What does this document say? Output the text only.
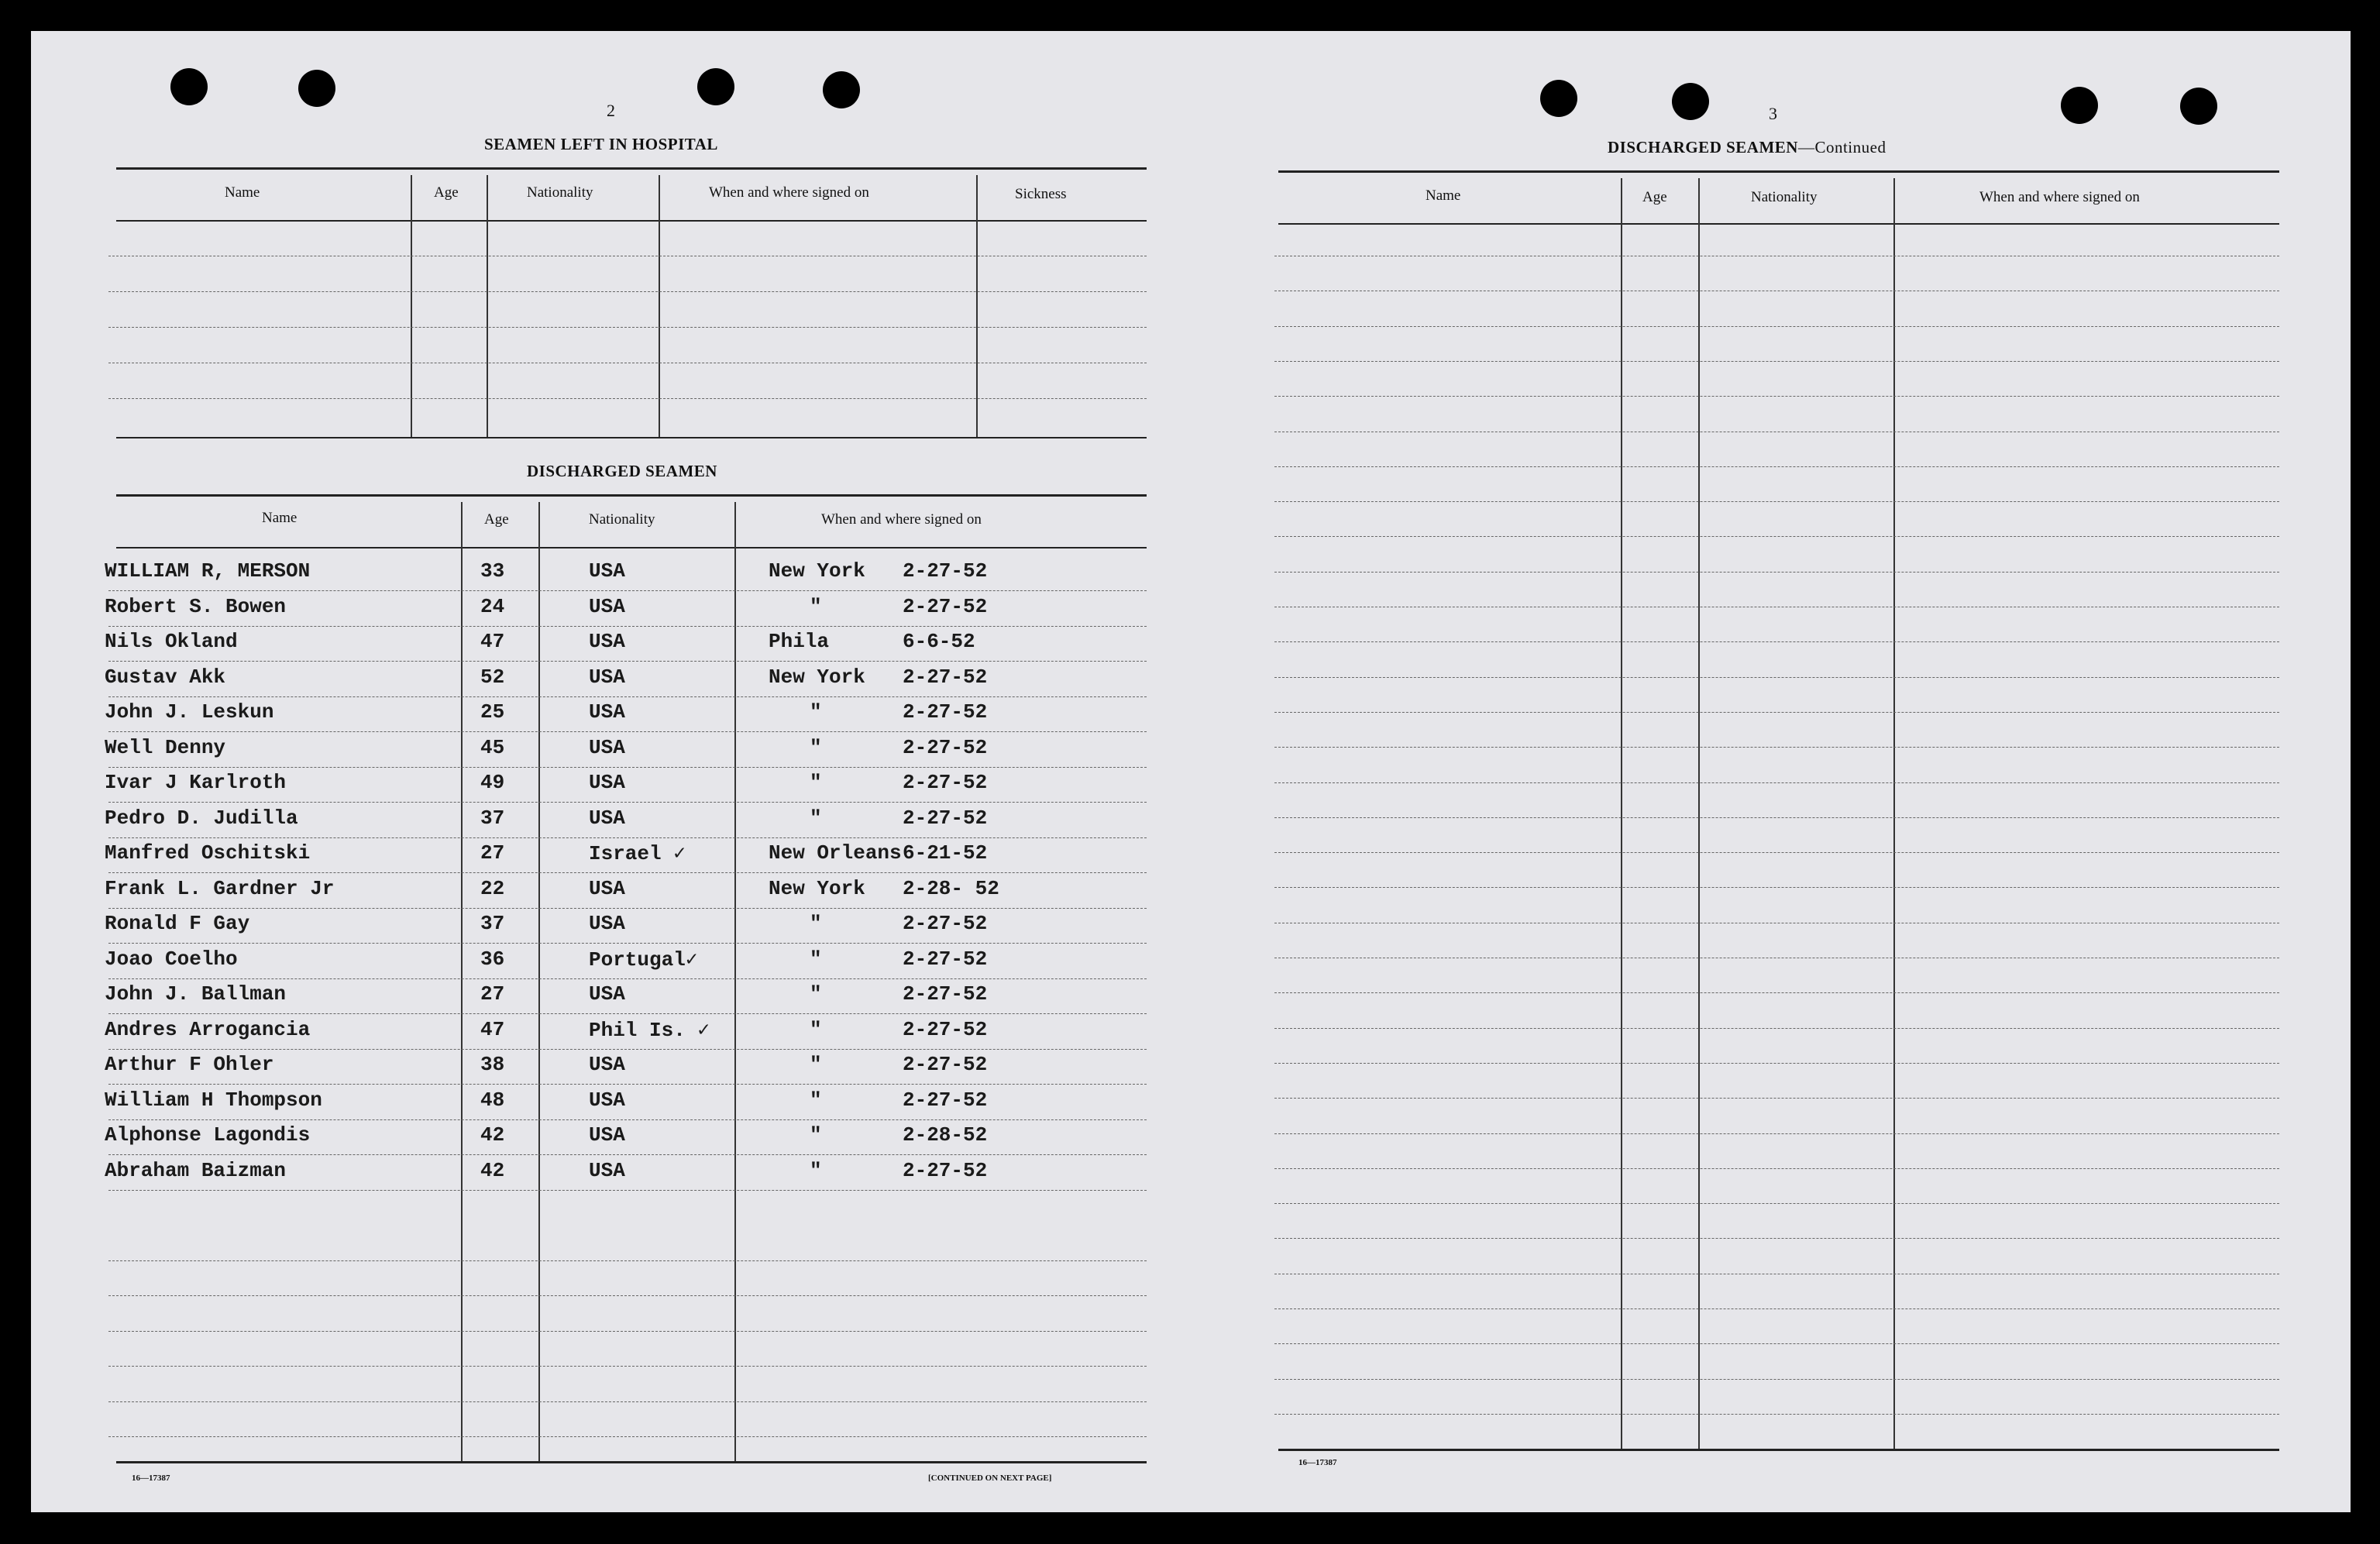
2
SEAMEN LEFT IN HOSPITAL
Name	Age	Nationality	When and where signed on	Sickness
DISCHARGED SEAMEN
Name	Age	Nationality	When and where signed on
WILLIAM R, MERSON	33	USA	New York 2-27-52
Robert S. Bowen	24	USA	"	2-27-52
Nils Okland	47	USA	Phila	6-6-52
Gustav Akk	52	USA	New York 2-27-52
John J. Leskun	25	USA	"	2-27-52
Well Denny	45	USA	"	2-27-52
Ivar J Karlroth	49	USA	"	2-27-52
Pedro D. Judilla	37	USA	"	2-27-52
Manfred Oschitski	27	Israel ✓	New Orleans 6-21-52
Frank L. Gardner Jr	22	USA	New York 2-28- 52
Ronald F Gay	37	USA	"	2-27-52
Joao Coelho	36	Portugal✓	"	2-27-52
John J. Ballman	27	USA	"	2-27-52
Andres Arrogancia	47	Phil Is. ✓	"	2-27-52
Arthur F Ohler	38	USA	"	2-27-52
William H Thompson	48	USA	"	2-27-52
Alphonse Lagondis	42	USA	"	2-28-52
Abraham Baizman	42	USA	"	2-27-52
16—17387	[CONTINUED ON NEXT PAGE]
3
DISCHARGED SEAMEN—Continued
Name	Age	Nationality	When and where signed on
16—17387
